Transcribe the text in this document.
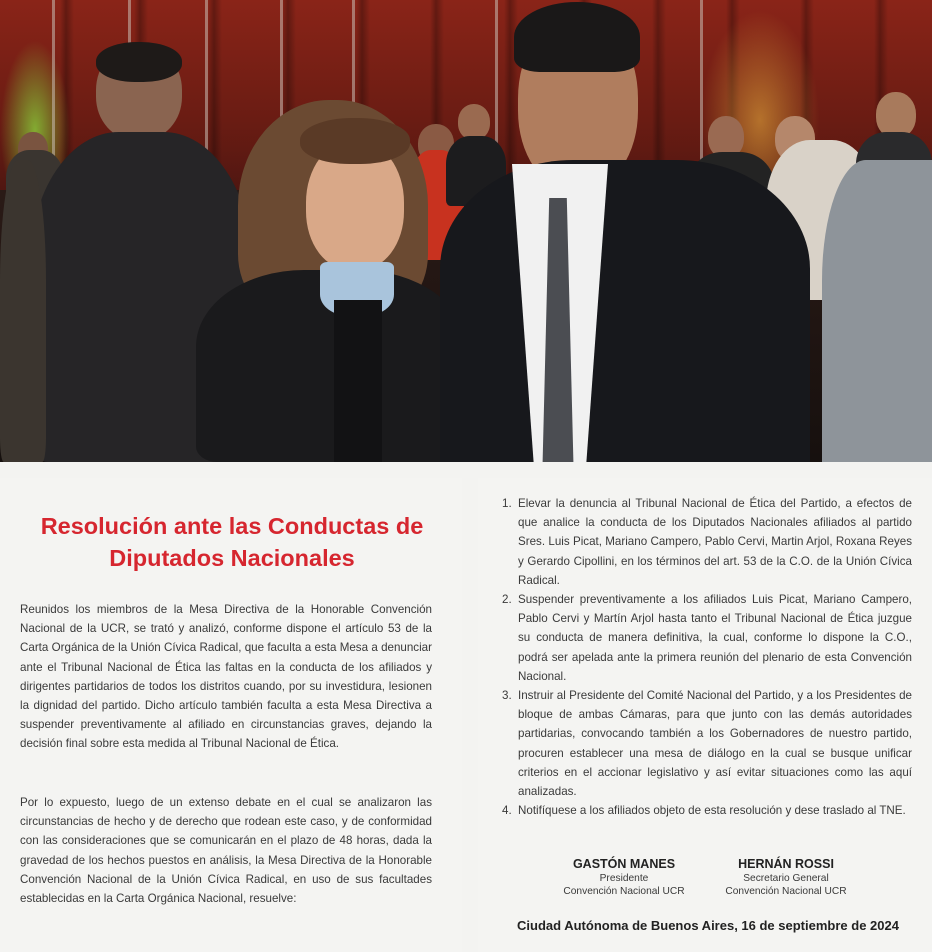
Resolución ante las Conductas de Diputados Nacionales

Reunidos los miembros de la Mesa Directiva de la Honorable Convención Nacional de la UCR, se trató y analizó, conforme dispone el artículo 53 de la Carta Orgánica de la Unión Cívica Radical, que faculta a esta Mesa a denunciar ante el Tribunal Nacional de Ética las faltas en la conducta de los afiliados y dirigentes partidarios de todos los distritos cuando, por su investidura, lesionen la dignidad del partido. Dicho artículo también faculta a esta Mesa Directiva a suspender preventivamente al afiliado en circunstancias graves, dejando la decisión final sobre esta medida al Tribunal Nacional de Ética.

Por lo expuesto, luego de un extenso debate en el cual se analizaron las circunstancias de hecho y de derecho que rodean este caso, y de conformidad con las consideraciones que se comunicarán en el plazo de 48 horas, dada la gravedad de los hechos puestos en análisis, la Mesa Directiva de la Honorable Convención Nacional de la Unión Cívica Radical, en uso de sus facultades establecidas en la Carta Orgánica Nacional, resuelve:

1. Elevar la denuncia al Tribunal Nacional de Ética del Partido, a efectos de que analice la conducta de los Diputados Nacionales afiliados al partido Sres. Luis Picat, Mariano Campero, Pablo Cervi, Martin Arjol, Roxana Reyes y Gerardo Cipollini, en los términos del art. 53 de la C.O. de la Unión Cívica Radical.
2. Suspender preventivamente a los afiliados Luis Picat, Mariano Campero, Pablo Cervi y Martín Arjol hasta tanto el Tribunal Nacional de Ética juzgue su conducta de manera definitiva, la cual, conforme lo dispone la C.O., podrá ser apelada ante la primera reunión del plenario de esta Convención Nacional.
3. Instruir al Presidente del Comité Nacional del Partido, y a los Presidentes de bloque de ambas Cámaras, para que junto con las demás autoridades partidarias, convocando también a los Gobernadores de nuestro partido, procuren establecer una mesa de diálogo en la cual se busque unificar criterios en el accionar legislativo y así evitar situaciones como las aquí analizadas.
4. Notifíquese a los afiliados objeto de esta resolución y dese traslado al TNE.
GASTÓN MANES
Presidente
Convención Nacional UCR
HERNÁN ROSSI
Secretario General
Convención Nacional UCR
Ciudad Autónoma de Buenos Aires, 16 de septiembre de 2024
